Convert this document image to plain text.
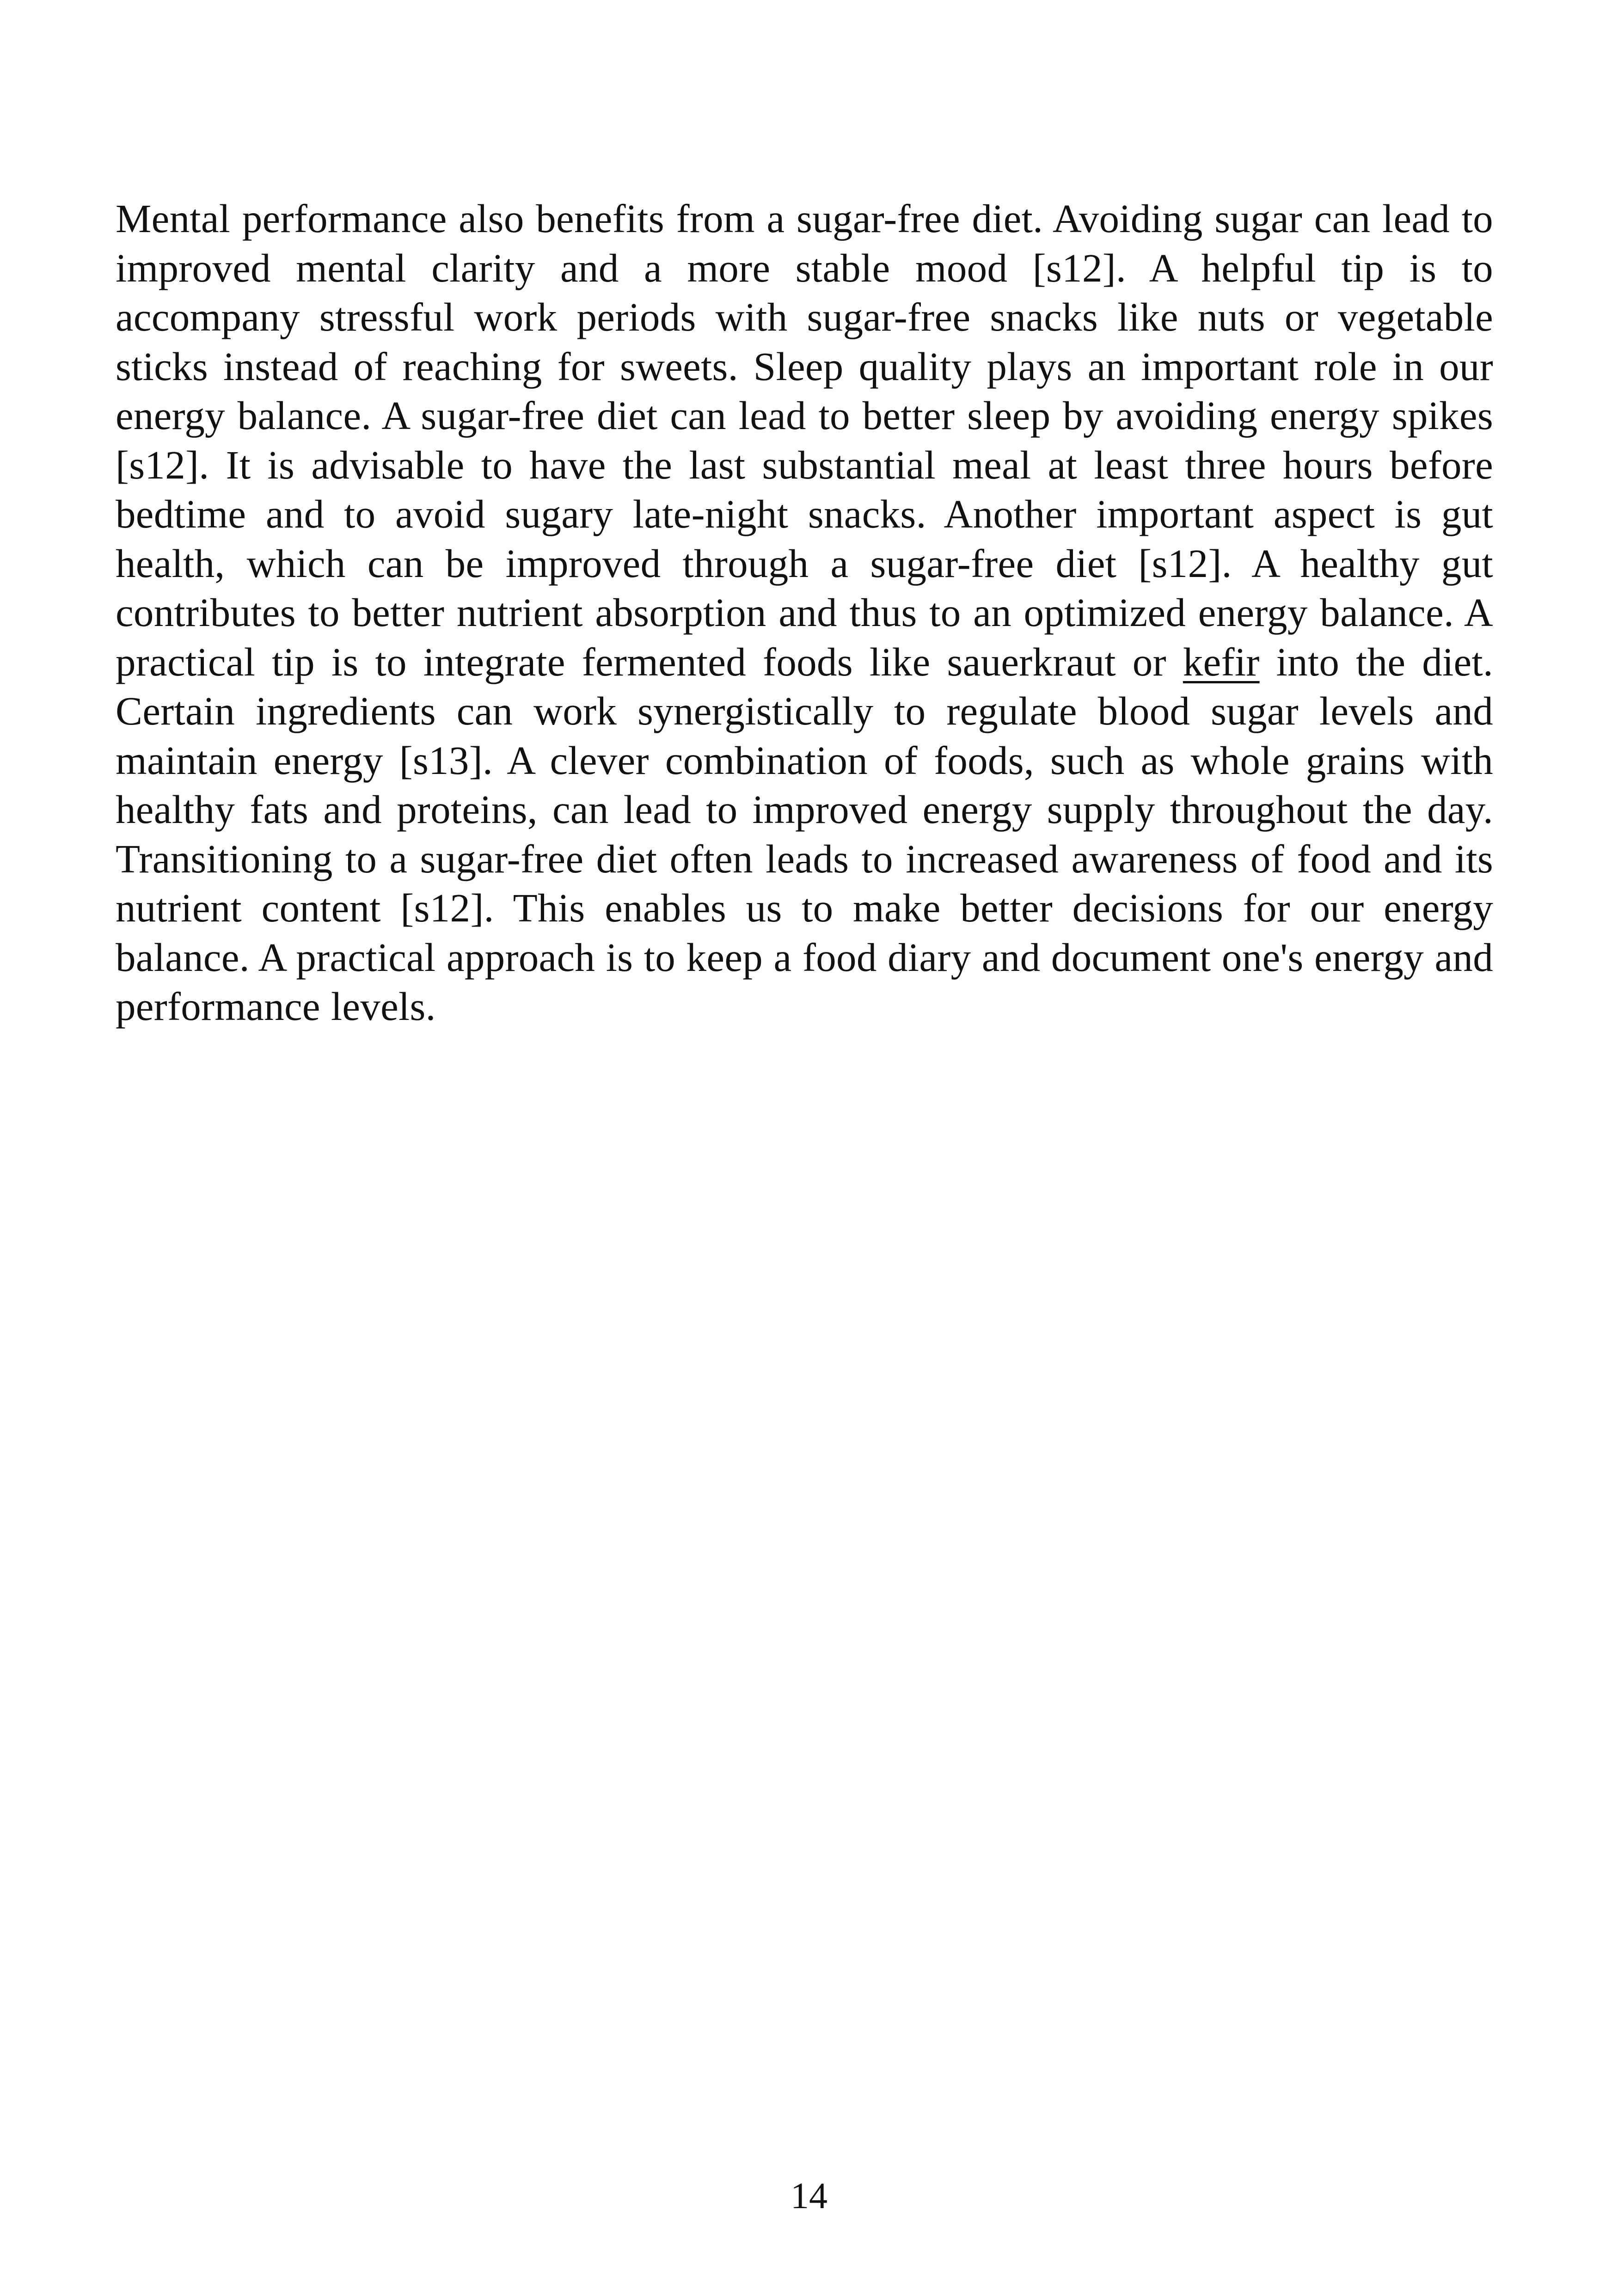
Mental performance also benefits from a sugar-free diet. Avoiding sugar can lead to improved mental clarity and a more stable mood [s12]. A helpful tip is to accompany stressful work periods with sugar-free snacks like nuts or vegetable sticks instead of reaching for sweets. Sleep quality plays an important role in our energy balance. A sugar-free diet can lead to better sleep by avoiding energy spikes [s12]. It is advisable to have the last substantial meal at least three hours before bedtime and to avoid sugary late-night snacks. Another important aspect is gut health, which can be improved through a sugar-free diet [s12]. A healthy gut contributes to better nutrient absorption and thus to an optimized energy balance. A practical tip is to integrate fermented foods like sauerkraut or kefir into the diet. Certain ingredients can work synergistically to regulate blood sugar levels and maintain energy [s13]. A clever combination of foods, such as whole grains with healthy fats and proteins, can lead to improved energy supply throughout the day. Transitioning to a sugar-free diet often leads to increased awareness of food and its nutrient content [s12]. This enables us to make better decisions for our energy balance. A practical approach is to keep a food diary and document one's energy and performance levels.

14
